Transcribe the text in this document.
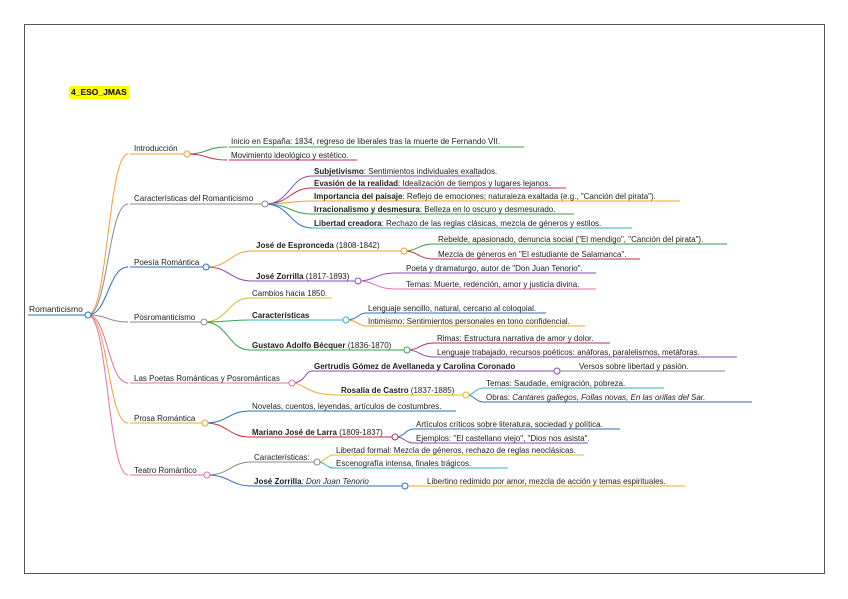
4_ESO_JMAS
Romanticismo
Introducción
Inicio en España: 1834, regreso de liberales tras la muerte de Fernando VII.
Movimiento ideológico y estético.
Características del Romanticismo
Subjetivismo: Sentimientos individuales exaltados.
Evasión de la realidad: Idealización de tiempos y lugares lejanos.
Importancia del paisaje: Reflejo de emociones; naturaleza exaltada (e.g., "Canción del pirata").
Irracionalismo y desmesura: Belleza en lo oscuro y desmesurado.
Libertad creadora: Rechazo de las reglas clásicas, mezcla de géneros y estilos.
Poesía Romántica
José de Espronceda (1808-1842)
Rebelde, apasionado, denuncia social ("El mendigo", "Canción del pirata").
Mezcla de géneros en "El estudiante de Salamanca".
José Zorrilla (1817-1893)
Poeta y dramaturgo, autor de "Don Juan Tenorio".
Temas: Muerte, redención, amor y justicia divina.
Posromanticismo
Cambios hacia 1850.
Características
Lenguaje sencillo, natural, cercano al coloquial.
Intimismo: Sentimientos personales en tono confidencial.
Gustavo Adolfo Bécquer (1836-1870)
Rimas: Estructura narrativa de amor y dolor.
Lenguaje trabajado, recursos poéticos: anáforas, paralelismos, metáforas.
Las Poetas Románticas y Posrománticas
Gertrudis Gómez de Avellaneda y Carolina Coronado	Versos sobre libertad y pasión.
Rosalía de Castro (1837-1885)
Temas: Saudade, emigración, pobreza.
Obras: Cantares gallegos, Follas novas, En las orillas del Sar.
Prosa Romántica
Novelas, cuentos, leyendas, artículos de costumbres.
Mariano José de Larra (1809-1837)
Artículos críticos sobre literatura, sociedad y política.
Ejemplos: "El castellano viejo", "Dios nos asista".
Teatro Romántico
Características:
Libertad formal: Mezcla de géneros, rechazo de reglas neoclásicas.
Escenografía intensa, finales trágicos.
José Zorrilla: Don Juan Tenorio	Libertino redimido por amor, mezcla de acción y temas espirituales.
